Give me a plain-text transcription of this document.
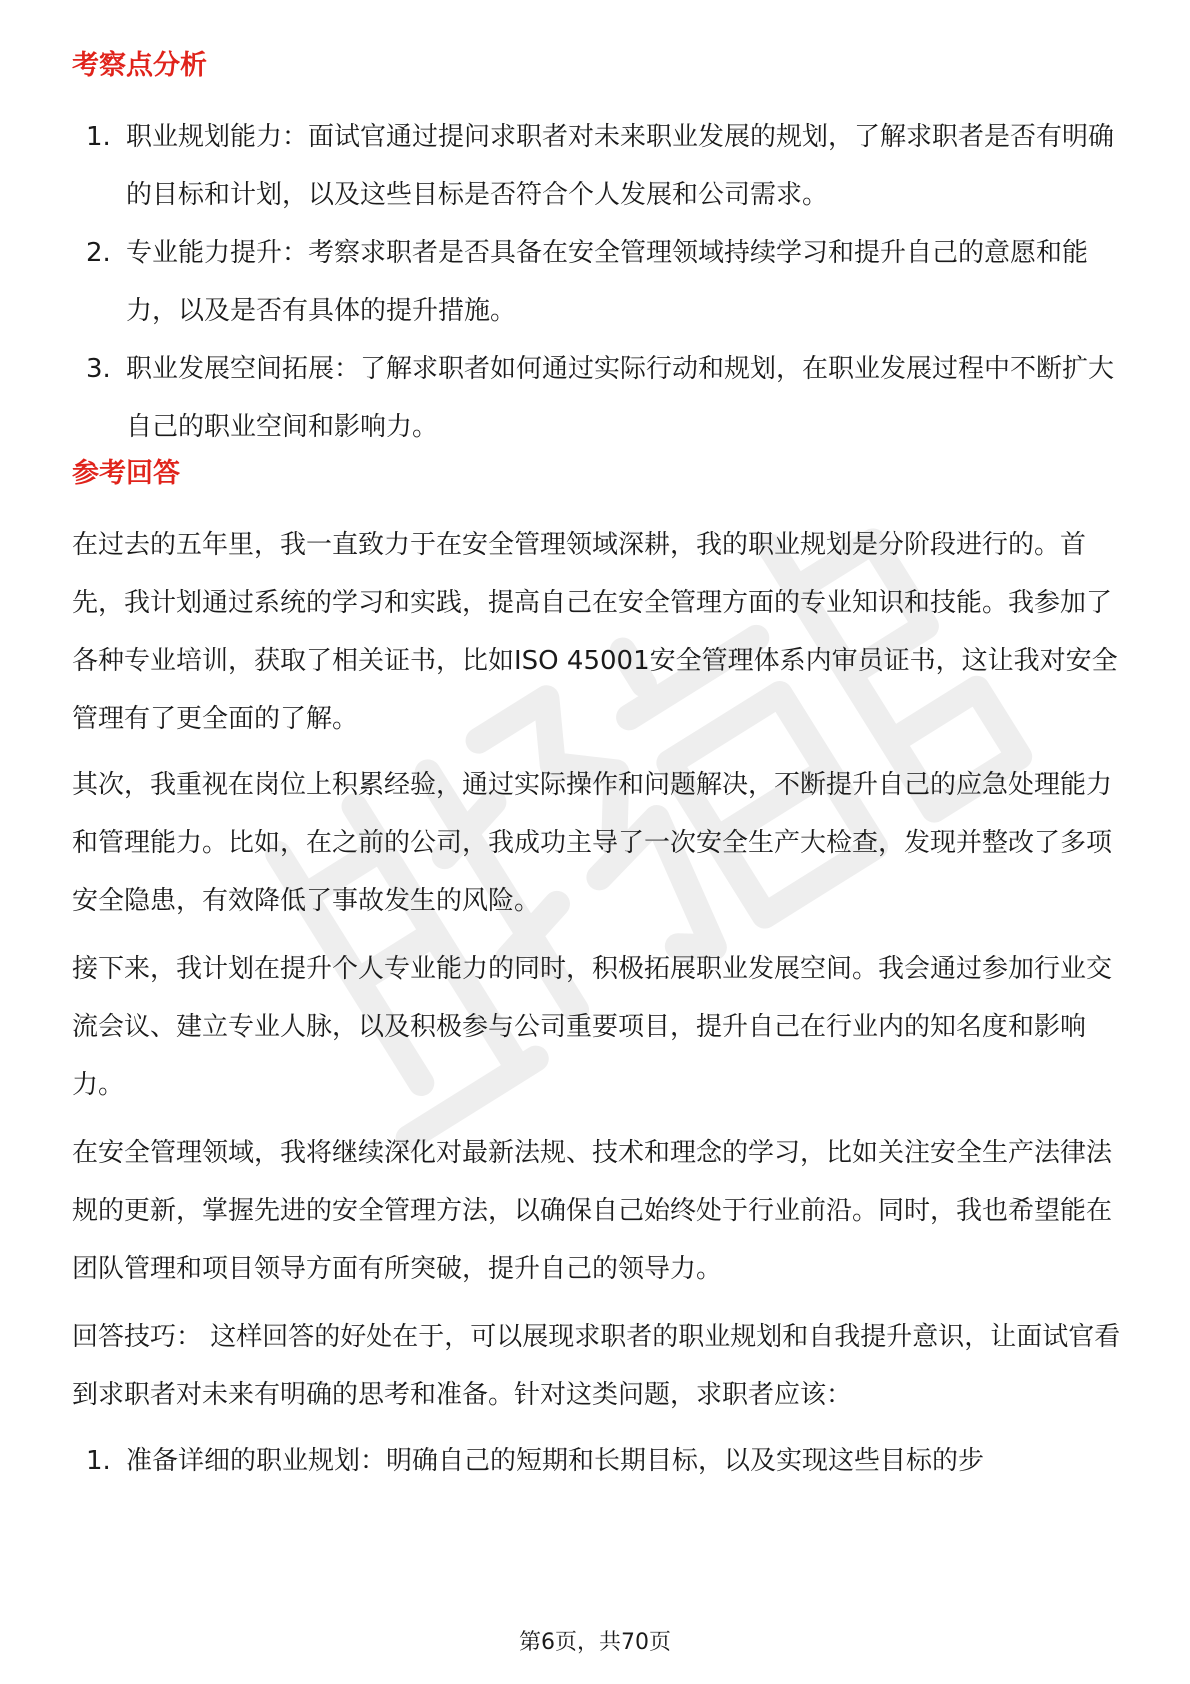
考察点分析
1. 职业规划能力：面试官通过提问求职者对未来职业发展的规划，了解求职者是否有明确的目标和计划，以及这些目标是否符合个人发展和公司需求。
2. 专业能力提升：考察求职者是否具备在安全管理领域持续学习和提升自己的意愿和能力，以及是否有具体的提升措施。
3. 职业发展空间拓展：了解求职者如何通过实际行动和规划，在职业发展过程中不断扩大自己的职业空间和影响力。
参考回答

在过去的五年里，我一直致力于在安全管理领域深耕，我的职业规划是分阶段进行的。首先，我计划通过系统的学习和实践，提高自己在安全管理方面的专业知识和技能。我参加了各种专业培训，获取了相关证书，比如ISO 45001安全管理体系内审员证书，这让我对安全管理有了更全面的了解。

其次，我重视在岗位上积累经验，通过实际操作和问题解决，不断提升自己的应急处理能力和管理能力。比如，在之前的公司，我成功主导了一次安全生产大检查，发现并整改了多项安全隐患，有效降低了事故发生的风险。

接下来，我计划在提升个人专业能力的同时，积极拓展职业发展空间。我会通过参加行业交流会议、建立专业人脉，以及积极参与公司重要项目，提升自己在行业内的知名度和影响力。

在安全管理领域，我将继续深化对最新法规、技术和理念的学习，比如关注安全生产法律法规的更新，掌握先进的安全管理方法，以确保自己始终处于行业前沿。同时，我也希望能在团队管理和项目领导方面有所突破，提升自己的领导力。

回答技巧： 这样回答的好处在于，可以展现求职者的职业规划和自我提升意识，让面试官看到求职者对未来有明确的思考和准备。针对这类问题，求职者应该：

1. 准备详细的职业规划：明确自己的短期和长期目标，以及实现这些目标的步
第6页，共70页
